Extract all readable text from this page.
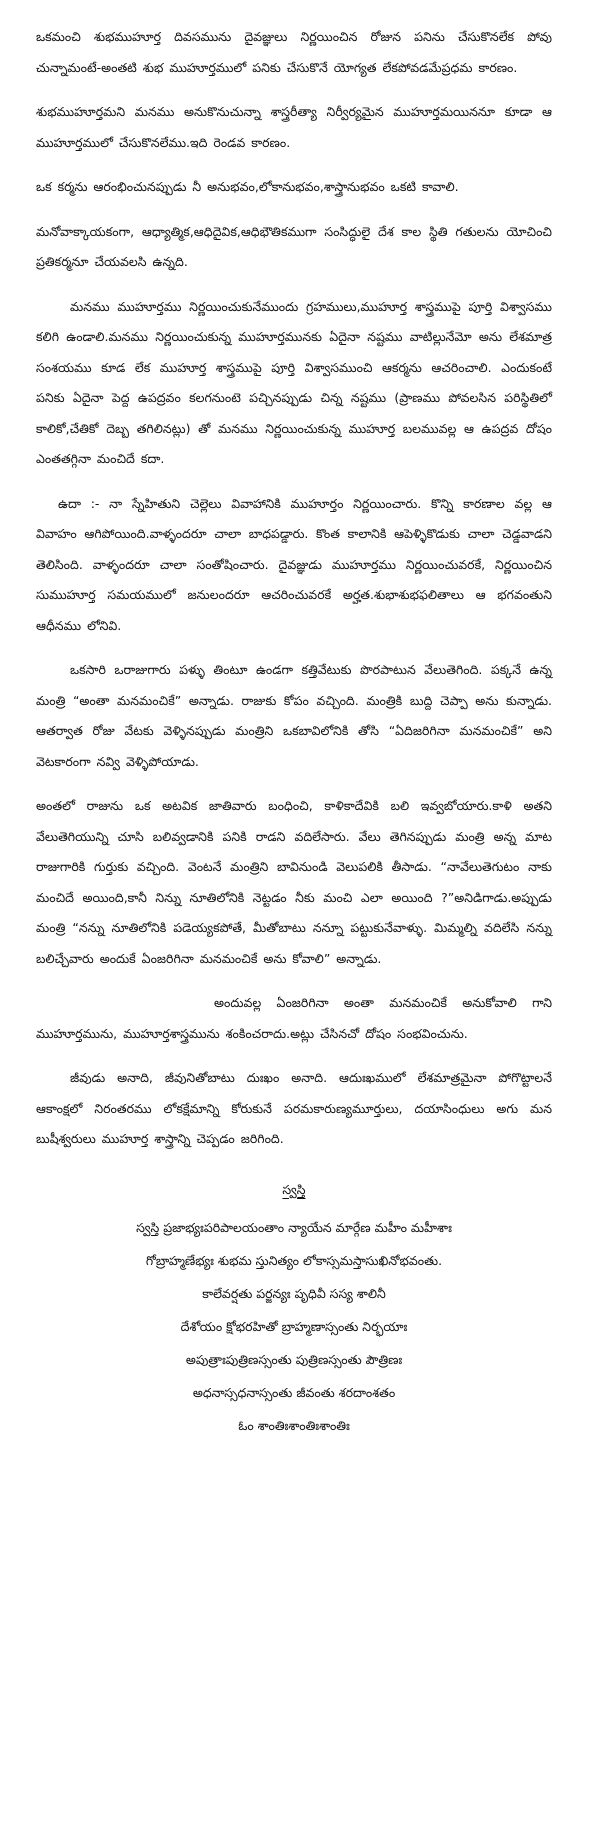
ఒకమంచి శుభముహూర్త దివసమును దైవజ్ఞులు నిర్ణయించిన రోజున పనిను చేసుకొనలేక పోవు చున్నామంటే-అంతటి శుభ ముహూర్తములో పనికు చేసుకొనే యోగ్యత లేకపోవడమేప్రధమ కారణం.

శుభముహూర్తమని మనము అనుకొనుచున్నా శాస్త్రరీత్యా నిర్వీర్యమైన ముహూర్తమయిననూ కూడా ఆ ముహూర్తములో చేసుకొనలేము.ఇది రెండవ కారణం.

ఒక కర్మను ఆరంభించునప్పుడు నీ అనుభవం,లోకానుభవం,శాస్త్రానుభవం ఒకటి కావాలి.

మనోవాక్కాయకంగా, ఆధ్యాత్మిక,ఆధిదైవిక,ఆధిభౌతికముగా సంసిద్ధులై దేశ కాల స్థితి గతులను యోచించి ప్రతికర్మనూ చేయవలసి ఉన్నది.

మనము ముహూర్తము నిర్ణయించుకునేముందు గ్రహములు,ముహూర్త శాస్త్రముపై పూర్తి విశ్వాసము కలిగి ఉండాలి.మనము నిర్ణయించుకున్న ముహూర్తమునకు ఏదైనా నష్టము వాటిల్లునేమో అను లేశమాత్ర సంశయము కూడ లేక ముహూర్త శాస్త్రముపై పూర్తి విశ్వాసముంచి ఆకర్మను ఆచరించాలి. ఎందుకంటే పనికు ఏదైనా పెద్ద ఉపద్రవం కలగనుంటె పచ్చినప్పుడు చిన్న నష్టము (ప్రాణము పోవలసిన పరిస్థితిలో కాలికో,చేతికో దెబ్బ తగిలినట్లు) తో మనము నిర్ణయించుకున్న ముహూర్త బలమువల్ల ఆ ఉపద్రవ దోషం ఎంతతగ్గినా మంచిదే కదా.

ఉదా :- నా స్నేహితుని చెల్లెలు వివాహానికి ముహూర్తం నిర్ణయించారు. కొన్ని కారణాల వల్ల ఆ వివాహం ఆగిపోయింది.వాళ్ళందరూ చాలా బాధపడ్డారు. కొంత కాలానికి ఆపెళ్ళికొడుకు చాలా చెడ్డవాడని తెలిసింది. వాళ్ళందరూ చాలా సంతోషించారు. దైవజ్ఞుడు ముహూర్తము నిర్ణయించువరకే, నిర్ణయించిన సుముహూర్త సమయములో జనులందరూ ఆచరించువరకే అర్హత.శుభాశుభఫలితాలు ఆ భగవంతుని ఆధీనము లోనివి.

ఒకసారి ఒరాజుగారు పళ్ళు తింటూ ఉండగా కత్తివేటుకు పొరపాటున వేలుతెగింది. పక్కనే ఉన్న మంత్రి “అంతా మనమంచికే” అన్నాడు. రాజుకు కోపం వచ్చింది. మంత్రికి బుద్ది చెప్పా అను కున్నాడు. ఆతర్వాత రోజు వేటకు వెళ్ళినప్పుడు మంత్రిని ఒకబావిలోనికి తోసి “ఏదిజరిగినా మనమంచికే” అని వెటకారంగా నవ్వి వెళ్ళిపోయాడు.

అంతలో రాజును ఒక అటవిక జాతివారు బంధించి, కాళికాదేవికి బలి ఇవ్వబోయారు.కాళి అతని వేలుతెగియున్ని చూసి బలివ్వడానికి పనికి రాడని వదిలేసారు. వేలు తెగినప్పుడు మంత్రి అన్న మాట రాజుగారికి గుర్తుకు వచ్చింది. వెంటనే మంత్రిని బావినుండి వెలుపలికి తీసాడు. “నావేలుతెగుటం నాకు మంచిదే అయింది,కానీ నిన్ను నూతిలోనికి నెట్టడం నీకు మంచి ఎలా అయింది ?”అనిడిగాడు.అప్పుడు మంత్రి “నన్ను నూతిలోనికి పడెయ్యకపోతే, మీతోబాటు నన్నూ పట్టుకునేవాళ్ళు. మిమ్మల్ని వదిలేసి నన్ను బలిచ్చేవారు అందుకే ఏంజరిగినా మనమంచికే అను కోవాలి” అన్నాడు.

అందువల్ల ఏంజరిగినా అంతా మనమంచికే అనుకోవాలి గాని ముహూర్తమును, ముహూర్తశాస్త్రమును శంకించరాదు.అట్లు చేసినచో దోషం సంభవించును.

జీవుడు అనాది, జీవునితోబాటు దుఃఖం అనాది. ఆదుఃఖములో లేశమాత్రమైనా పోగొట్టాలనే ఆకాంక్షలో నిరంతరము లోకక్షేమాన్ని కోరుకునే పరమకారుణ్యమూర్తులు, దయాసింధులు అగు మన బుషీశ్వరులు ముహూర్త శాస్త్రాన్ని చెప్పడం జరిగింది.

స్వస్తి
స్వస్తి ప్రజాభ్యఃపరిపాలయంతాం న్యాయేన మార్గేణ మహీం మహీశాః
గోబ్రాహ్మణేభ్యః శుభమ స్తునిత్యం లోకాస్సమస్తాసుఖినోభవంతు.
కాలేవర్షతు పర్జన్యః పృధివీ సస్య శాలినీ
దేశోయం క్షోభరహితో బ్రాహ్మణాస్సంతు నిర్భయాః
అపుత్రాఃపుత్రిణస్సంతు పుత్రిణస్సంతు పౌత్రిణః
అధనాస్సధనాస్సంతు జీవంతు శరదాంశతం
ఓం శాంతిఃశాంతిఃశాంతిః
